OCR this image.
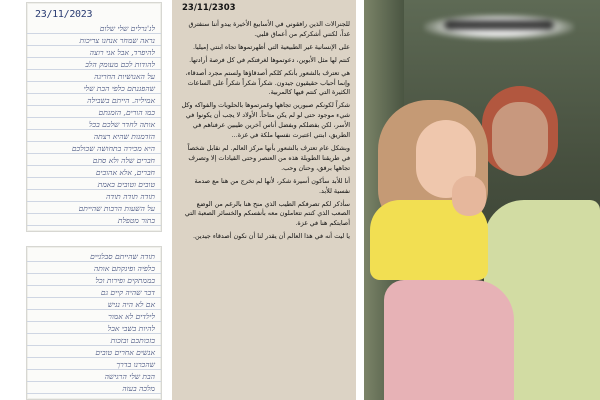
23/11/2023
לג'נרלים שלי שלום
נראה שמחר אנחנו צריכות
להיפרד, אבל אני רוצה
להודות לכם מעומק הלב
על האנושיות החריגה
שהפגנתם כלפי הבת שלי
אמיליה. הייתם בשבילה
כמו הורים, הזמנתם
אותה לחדר שלכם בכל
הזדמנות שהיא רצתה
היא מכירה בתחושה שכולכם
חברים שלה ולא סתם
חברים, אלא אהובים
טובים וטובים באמת
תודה תודה תודה
על השעות הרבות שהייתם
בתור מטפלת
תודה שהייתם סבלניים
כלפיה ופינקתם אותה
בממתקים ופירות וכל
דבר שהיה קיים גם
אם לא היה נגיש
לילדים לא אמור
להיות בשבי אבל
בזכותכם ובזכות
אנשים אחרים טובים
שהכרנו בדרך
הבת שלי הרגישה
מלכה בעזה
23/11/2303

للجنرالات الذين رافقوني في الأسابيع الأخيرة يبدو أننا سنفترق غداً، لكنني أشكركم من أعماق قلبي.

على الإنسانية غير الطبيعية التي أظهرتموها تجاه ابنتي إميليا.

كنتم لها مثل الأبوين، دعوتموها لغرفتكم في كل فرصة أرادتها.

هي تعترف بالشعور بأنكم كلكم أصدقاؤها ولستم مجرد أصدقاء، وإنما أحباب حقيقيون جيدون. شكراً شكراً شكراً على الساعات الكثيرة التي كنتم فيها كالمربية.

شكراً لكونكم صبورين تجاهها وغمرتموها بالحلويات والفواكه وكل شيء موجود حتى لو لم يكن متاحاً. الأولاد لا يجب أن يكونوا في الأسر، لكن بفضلكم وبفضل أناس آخرين طيبين عرفناهم في الطريق، ابنتي اعتبرت نفسها ملكة في غزة...

وبشكل عام تعترف بالشعور بأنها مركز العالم. لم نقابل شخصاً في طريقنا الطويلة هذه من العنصر وحتى القيادات إلا وتصرف تجاهها برفق، وحنان وحب.

أنا للأبد سأكون أسيرة شكر، لأنها لم تخرج من هنا مع صدمة نفسية للأبد.

سأذكر لكم تصرفكم الطيب الذي منح هنا بالرغم من الوضع الصعب الذي كنتم تتعاملون معه بأنفسكم والخسائر الصعبة التي أصابتكم هنا في غزة.

يا ليت أنه في هذا العالم أن يقدر لنا أن نكون أصدقاء جيدين.
